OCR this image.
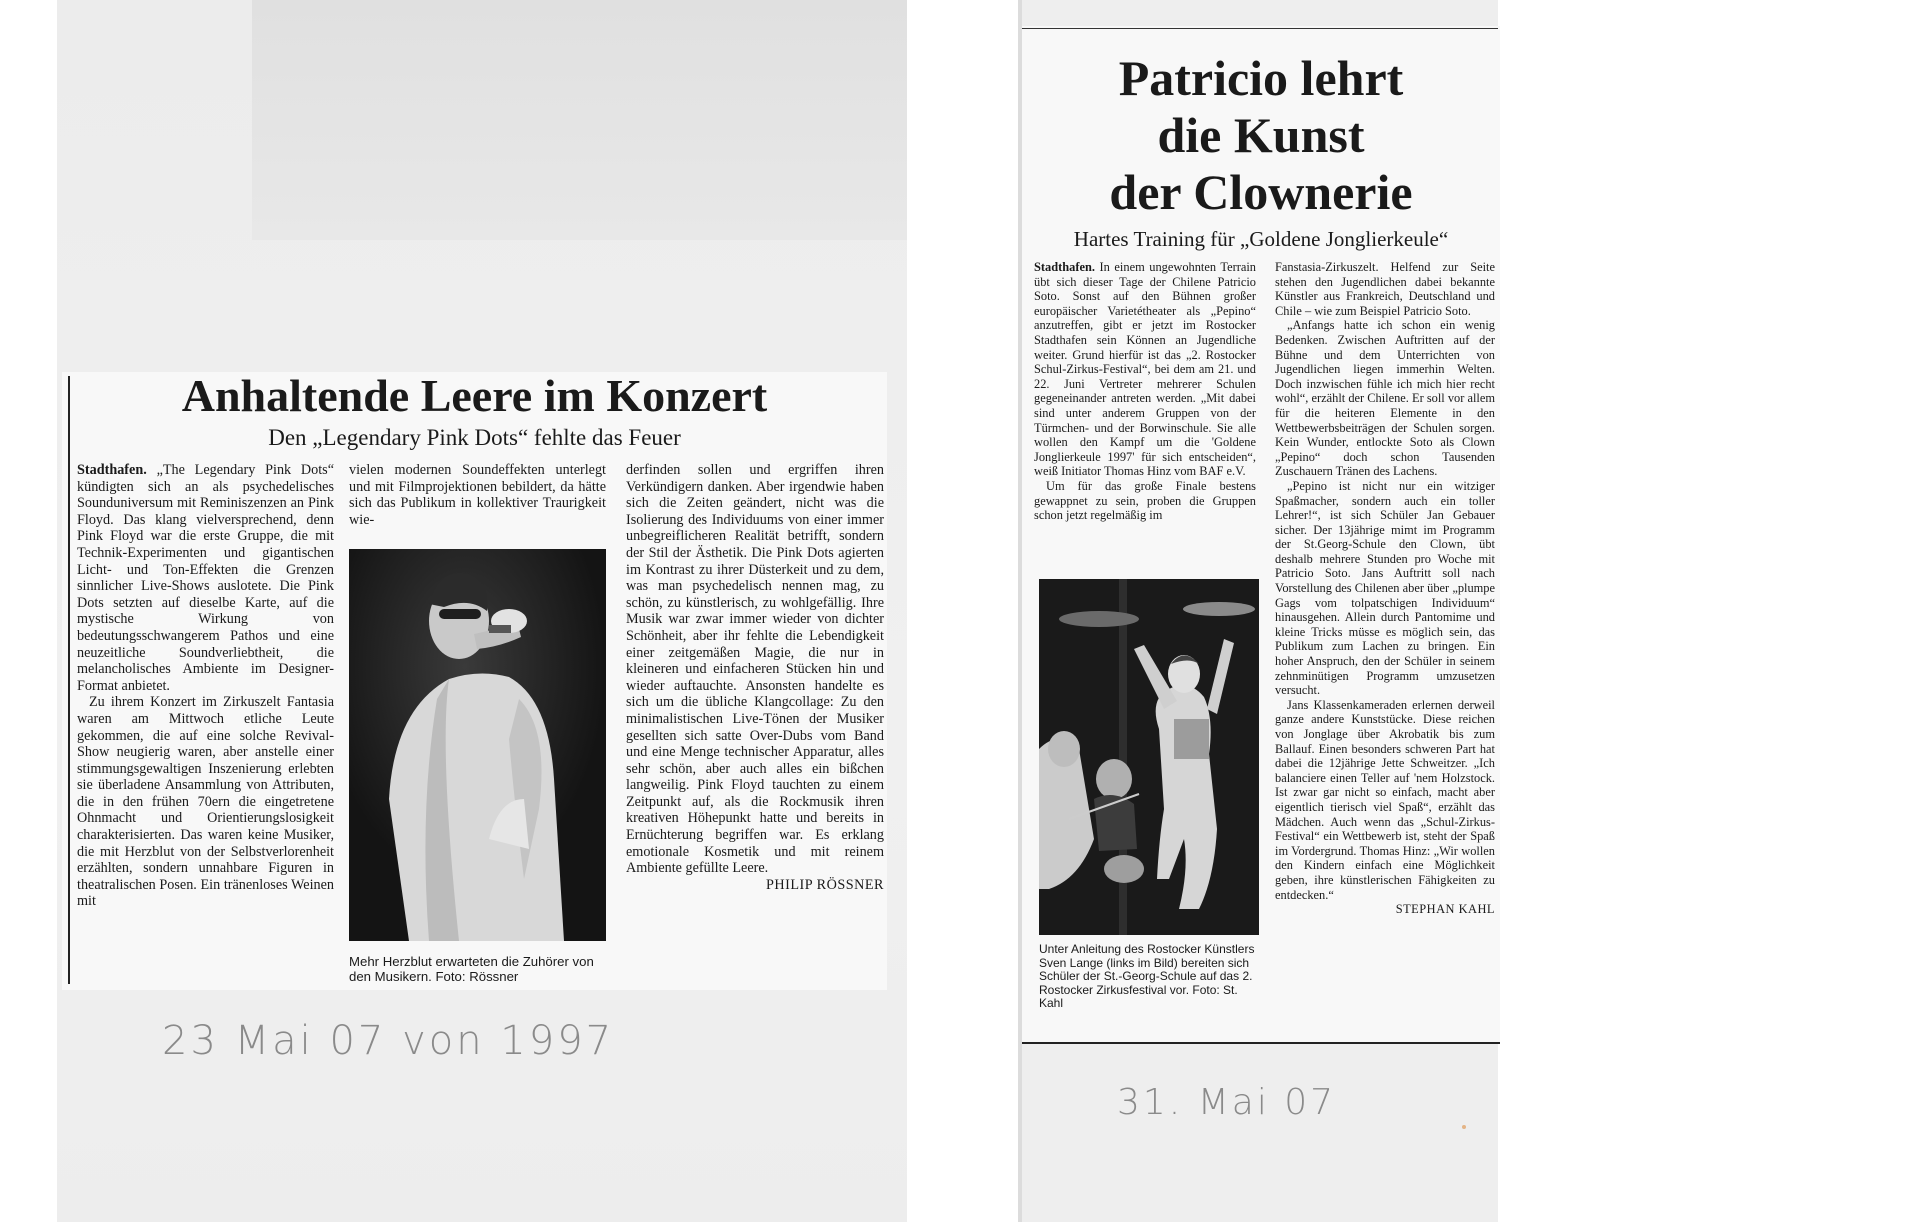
Anhaltende Leere im Konzert
Den „Legendary Pink Dots“ fehlte das Feuer

Stadthafen. „The Legendary Pink Dots“ kündigten sich an als psychedelisches Sounduniversum mit Reminiszenzen an Pink Floyd. Das klang vielversprechend, denn Pink Floyd war die erste Gruppe, die mit Technik-Experimenten und gigantischen Licht- und Ton-Effekten die Grenzen sinnlicher Live-Shows auslotete. Die Pink Dots setzten auf dieselbe Karte, auf die mystische Wirkung von bedeutungsschwangerem Pathos und eine neuzeitliche Soundverliebtheit, die melancholisches Ambiente im Designer-Format anbietet.

Zu ihrem Konzert im Zirkuszelt Fantasia waren am Mittwoch etliche Leute gekommen, die auf eine solche Revival-Show neugierig waren, aber anstelle einer stimmungsgewaltigen Inszenierung erlebten sie überladene Ansammlung von Attributen, die in den frühen 70ern die eingetretene Ohnmacht und Orientierungslosigkeit charakterisierten. Das waren keine Musiker, die mit Herzblut von der Selbstverlorenheit erzählten, sondern unnahbare Figuren in theatralischen Posen. Ein tränenloses Weinen mit

vielen modernen Soundeffekten unterlegt und mit Filmprojektionen bebildert, da hätte sich das Publikum in kollektiver Traurigkeit wie-

Mehr Herzblut erwarteten die Zuhörer von den Musikern. Foto: Rössner

derfinden sollen und ergriffen ihren Verkündigern danken. Aber irgendwie haben sich die Zeiten geändert, nicht was die Isolierung des Individuums von einer immer unbegreiflicheren Realität betrifft, sondern der Stil der Ästhetik. Die Pink Dots agierten im Kontrast zu ihrer Düsterkeit und zu dem, was man psychedelisch nennen mag, zu schön, zu künstlerisch, zu wohlgefällig. Ihre Musik war zwar immer wieder von dichter Schönheit, aber ihr fehlte die Lebendigkeit einer zeitgemäßen Magie, die nur in kleineren und einfacheren Stücken hin und wieder auftauchte. Ansonsten handelte es sich um die übliche Klangcollage: Zu den minimalistischen Live-Tönen der Musiker gesellten sich satte Over-Dubs vom Band und eine Menge technischer Apparatur, alles sehr schön, aber auch alles ein bißchen langweilig. Pink Floyd tauchten zu einem Zeitpunkt auf, als die Rockmusik ihren kreativen Höhepunkt hatte und bereits in Ernüchterung begriffen war. Es erklang emotionale Kosmetik und mit reinem Ambiente gefüllte Leere.

PHILIP RÖSSNER
23 Mai 07 von 1997
Patricio lehrt
die Kunst
der Clownerie
Hartes Training für „Goldene Jonglierkeule“

Stadthafen. In einem ungewohnten Terrain übt sich dieser Tage der Chilene Patricio Soto. Sonst auf den Bühnen großer europäischer Varietétheater als „Pepino“ anzutreffen, gibt er jetzt im Rostocker Stadthafen sein Können an Jugendliche weiter. Grund hierfür ist das „2. Rostocker Schul-Zirkus-Festival“, bei dem am 21. und 22. Juni Vertreter mehrerer Schulen gegeneinander antreten werden. „Mit dabei sind unter anderem Gruppen von der Türmchen- und der Borwinschule. Sie alle wollen den Kampf um die 'Goldene Jonglierkeule 1997' für sich entscheiden“, weiß Initiator Thomas Hinz vom BAF e.V.

Um für das große Finale bestens gewappnet zu sein, proben die Gruppen schon jetzt regelmäßig im

Unter Anleitung des Rostocker Künstlers Sven Lange (links im Bild) bereiten sich Schüler der St.-Georg-Schule auf das 2. Rostocker Zirkusfestival vor. Foto: St. Kahl

Fanstasia-Zirkuszelt. Helfend zur Seite stehen den Jugendlichen dabei bekannte Künstler aus Frankreich, Deutschland und Chile – wie zum Beispiel Patricio Soto.

„Anfangs hatte ich schon ein wenig Bedenken. Zwischen Auftritten auf der Bühne und dem Unterrichten von Jugendlichen liegen immerhin Welten. Doch inzwischen fühle ich mich hier recht wohl“, erzählt der Chilene. Er soll vor allem für die heiteren Elemente in den Wettbewerbsbeiträgen der Schulen sorgen. Kein Wunder, entlockte Soto als Clown „Pepino“ doch schon Tausenden Zuschauern Tränen des Lachens.

„Pepino ist nicht nur ein witziger Spaßmacher, sondern auch ein toller Lehrer!“, ist sich Schüler Jan Gebauer sicher. Der 13jährige mimt im Programm der St.Georg-Schule den Clown, übt deshalb mehrere Stunden pro Woche mit Patricio Soto. Jans Auftritt soll nach Vorstellung des Chilenen aber über „plumpe Gags vom tolpatschigen Individuum“ hinausgehen. Allein durch Pantomime und kleine Tricks müsse es möglich sein, das Publikum zum Lachen zu bringen. Ein hoher Anspruch, den der Schüler in seinem zehnminütigen Programm umzusetzen versucht.

Jans Klassenkameraden erlernen derweil ganze andere Kunststücke. Diese reichen von Jonglage über Akrobatik bis zum Ballauf. Einen besonders schweren Part hat dabei die 12jährige Jette Schweitzer. „Ich balanciere einen Teller auf 'nem Holzstock. Ist zwar gar nicht so einfach, macht aber eigentlich tierisch viel Spaß“, erzählt das Mädchen. Auch wenn das „Schul-Zirkus-Festival“ ein Wettbewerb ist, steht der Spaß im Vordergrund. Thomas Hinz: „Wir wollen den Kindern einfach eine Möglichkeit geben, ihre künstlerischen Fähigkeiten zu entdecken.“

STEPHAN KAHL
31. Mai 07
